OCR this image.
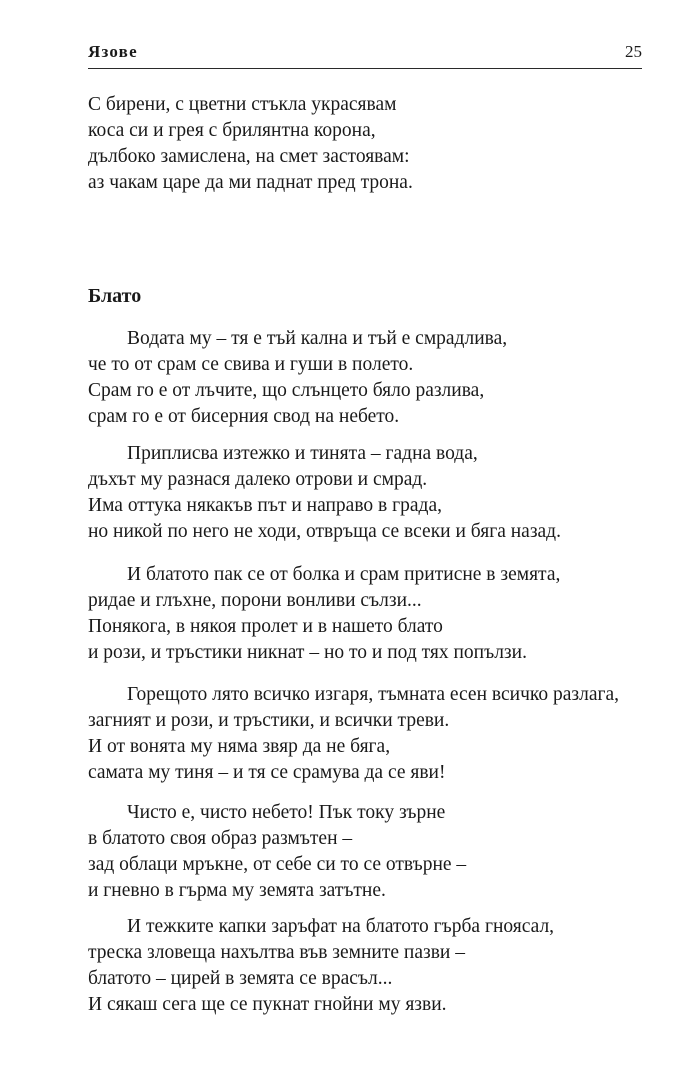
Язове	25
С бирени, с цветни стъкла украсявам
коса си и грея с брилянтна корона,
дълбоко замислена, на смет застоявам:
аз чакам царе да ми паднат пред трона.
Блато
Водата му – тя е тъй кална и тъй е смрадлива,
че то от срам се свива и гуши в полето.
Срам го е от лъчите, що слънцето бяло разлива,
срам го е от бисерния свод на небето.
Приплисва изтежко и тинята – гадна вода,
дъхът му разнася далеко отрови и смрад.
Има оттука някакъв път и направо в града,
но никой по него не ходи, отвръща се всеки и бяга назад.
И блатото пак се от болка и срам притисне в земята,
ридае и глъхне, порони вонливи сълзи...
Понякога, в някоя пролет и в нашето блато
и рози, и тръстики никнат – но то и под тях попълзи.
Горещото лято всичко изгаря, тъмната есен всичко разлага,
загният и рози, и тръстики, и всички треви.
И от вонята му няма звяр да не бяга,
самата му тиня – и тя се срамува да се яви!
Чисто е, чисто небето! Пък току зърне
в блатото своя образ размътен –
зад облаци мръкне, от себе си то се отвърне –
и гневно в гърма му земята затътне.
И тежките капки заръфат на блатото гърба гноясал,
треска зловеща нахълтва във земните пазви –
блатото – цирей в земята се врасъл...
И сякаш сега ще се пукнат гнойни му язви.
